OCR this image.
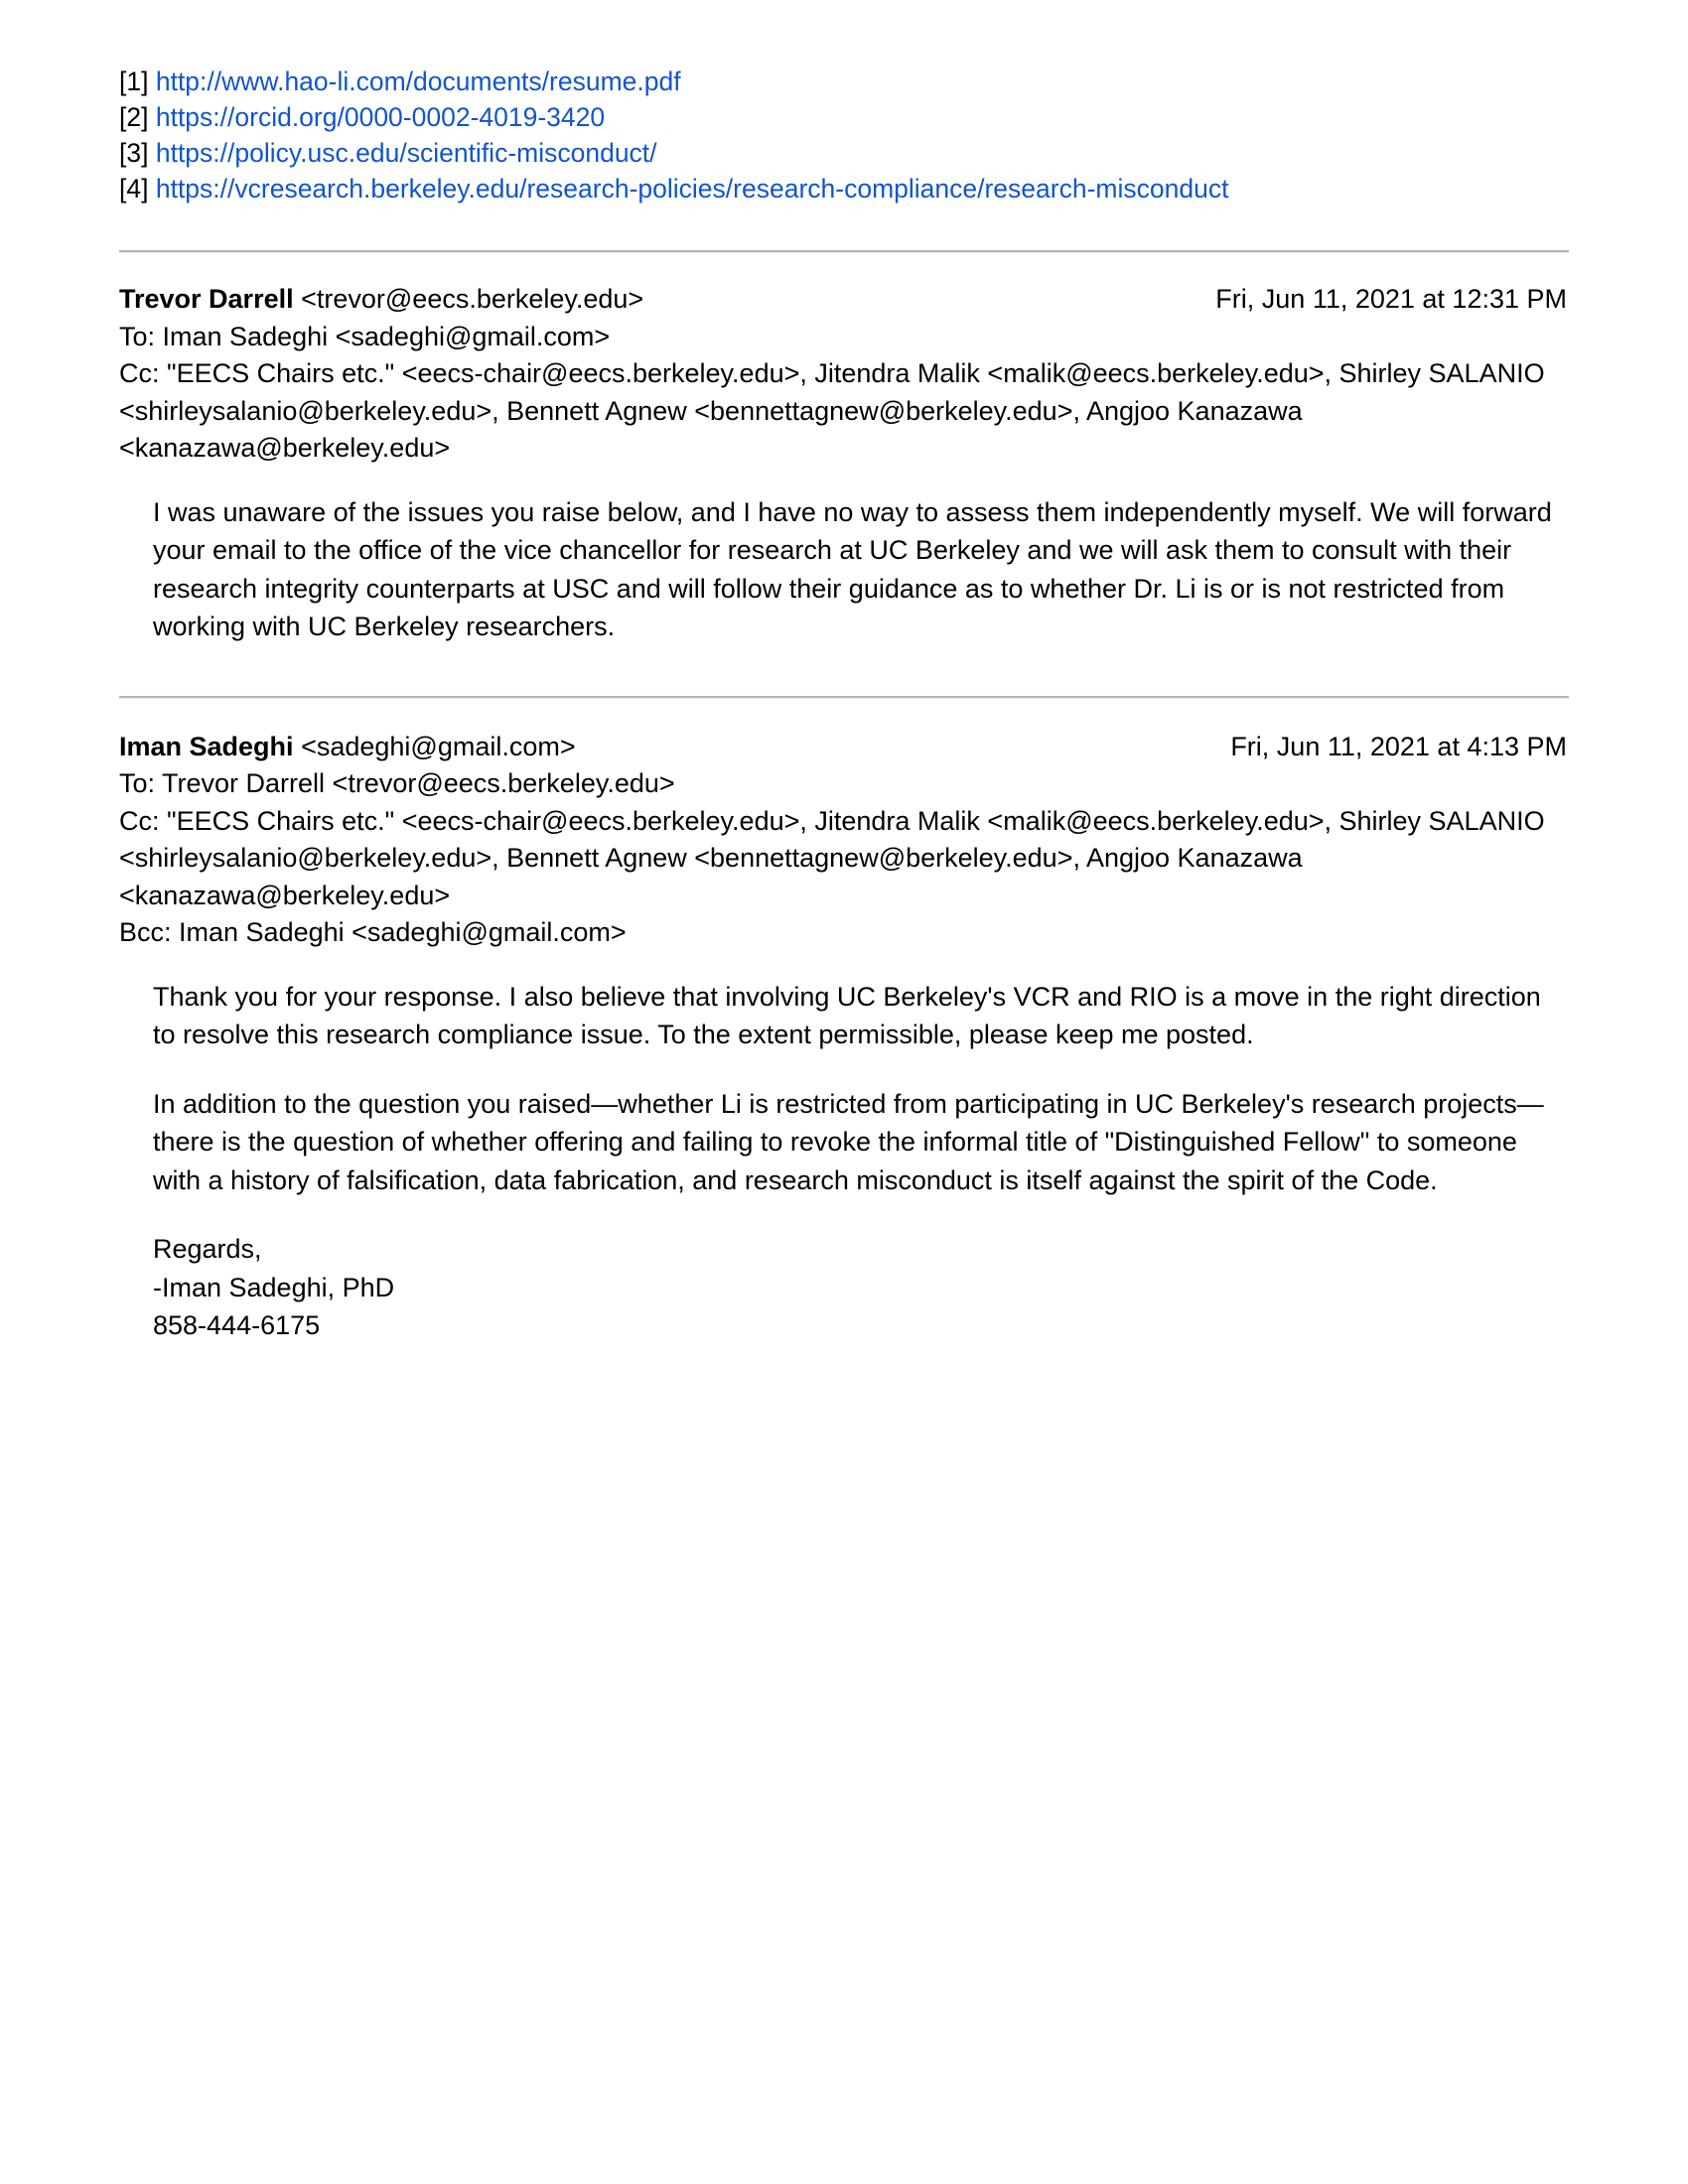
[1] http://www.hao-li.com/documents/resume.pdf
[2] https://orcid.org/0000-0002-4019-3420
[3] https://policy.usc.edu/scientific-misconduct/
[4] https://vcresearch.berkeley.edu/research-policies/research-compliance/research-misconduct
Trevor Darrell <trevor@eecs.berkeley.edu>	Fri, Jun 11, 2021 at 12:31 PM
To: Iman Sadeghi <sadeghi@gmail.com>
Cc: "EECS Chairs etc." <eecs-chair@eecs.berkeley.edu>, Jitendra Malik <malik@eecs.berkeley.edu>, Shirley SALANIO <shirleysalanio@berkeley.edu>, Bennett Agnew <bennettagnew@berkeley.edu>, Angjoo Kanazawa <kanazawa@berkeley.edu>

I was unaware of the issues you raise below, and I have no way to assess them independently myself. We will forward your email to the office of the vice chancellor for research at UC Berkeley and we will ask them to consult with their research integrity counterparts at USC and will follow their guidance as to whether Dr. Li is or is not restricted from working with UC Berkeley researchers.

Iman Sadeghi <sadeghi@gmail.com>	Fri, Jun 11, 2021 at 4:13 PM
To: Trevor Darrell <trevor@eecs.berkeley.edu>
Cc: "EECS Chairs etc." <eecs-chair@eecs.berkeley.edu>, Jitendra Malik <malik@eecs.berkeley.edu>, Shirley SALANIO <shirleysalanio@berkeley.edu>, Bennett Agnew <bennettagnew@berkeley.edu>, Angjoo Kanazawa <kanazawa@berkeley.edu>
Bcc: Iman Sadeghi <sadeghi@gmail.com>

Thank you for your response. I also believe that involving UC Berkeley's VCR and RIO is a move in the right direction to resolve this research compliance issue. To the extent permissible, please keep me posted.

In addition to the question you raised—whether Li is restricted from participating in UC Berkeley's research projects—there is the question of whether offering and failing to revoke the informal title of "Distinguished Fellow" to someone with a history of falsification, data fabrication, and research misconduct is itself against the spirit of the Code.

Regards,
-Iman Sadeghi, PhD
858-444-6175
